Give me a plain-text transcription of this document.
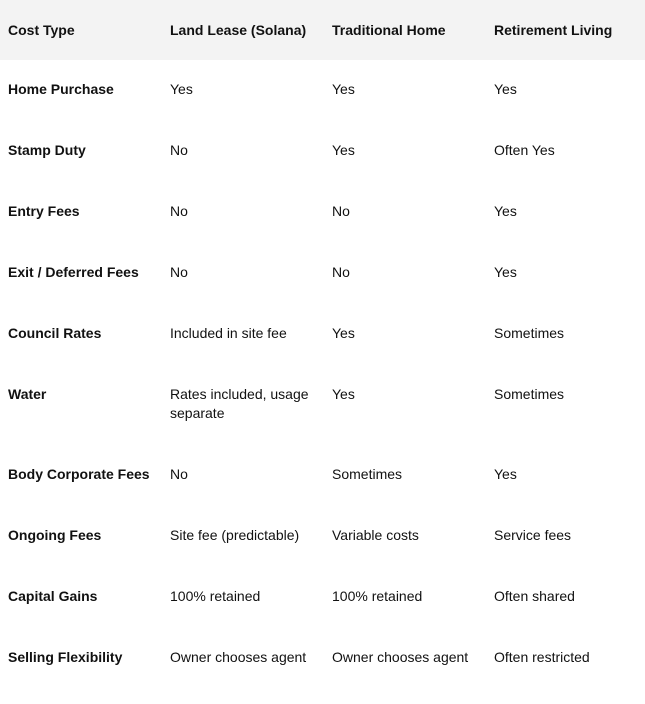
Cost Type	Land Lease (Solana)	Traditional Home	Retirement Living
Home Purchase	Yes	Yes	Yes
Stamp Duty	No	Yes	Often Yes
Entry Fees	No	No	Yes
Exit / Deferred Fees	No	No	Yes
Council Rates	Included in site fee	Yes	Sometimes
Water	Rates included, usage separate	Yes	Sometimes
Body Corporate Fees	No	Sometimes	Yes
Ongoing Fees	Site fee (predictable)	Variable costs	Service fees
Capital Gains	100% retained	100% retained	Often shared
Selling Flexibility	Owner chooses agent	Owner chooses agent	Often restricted
